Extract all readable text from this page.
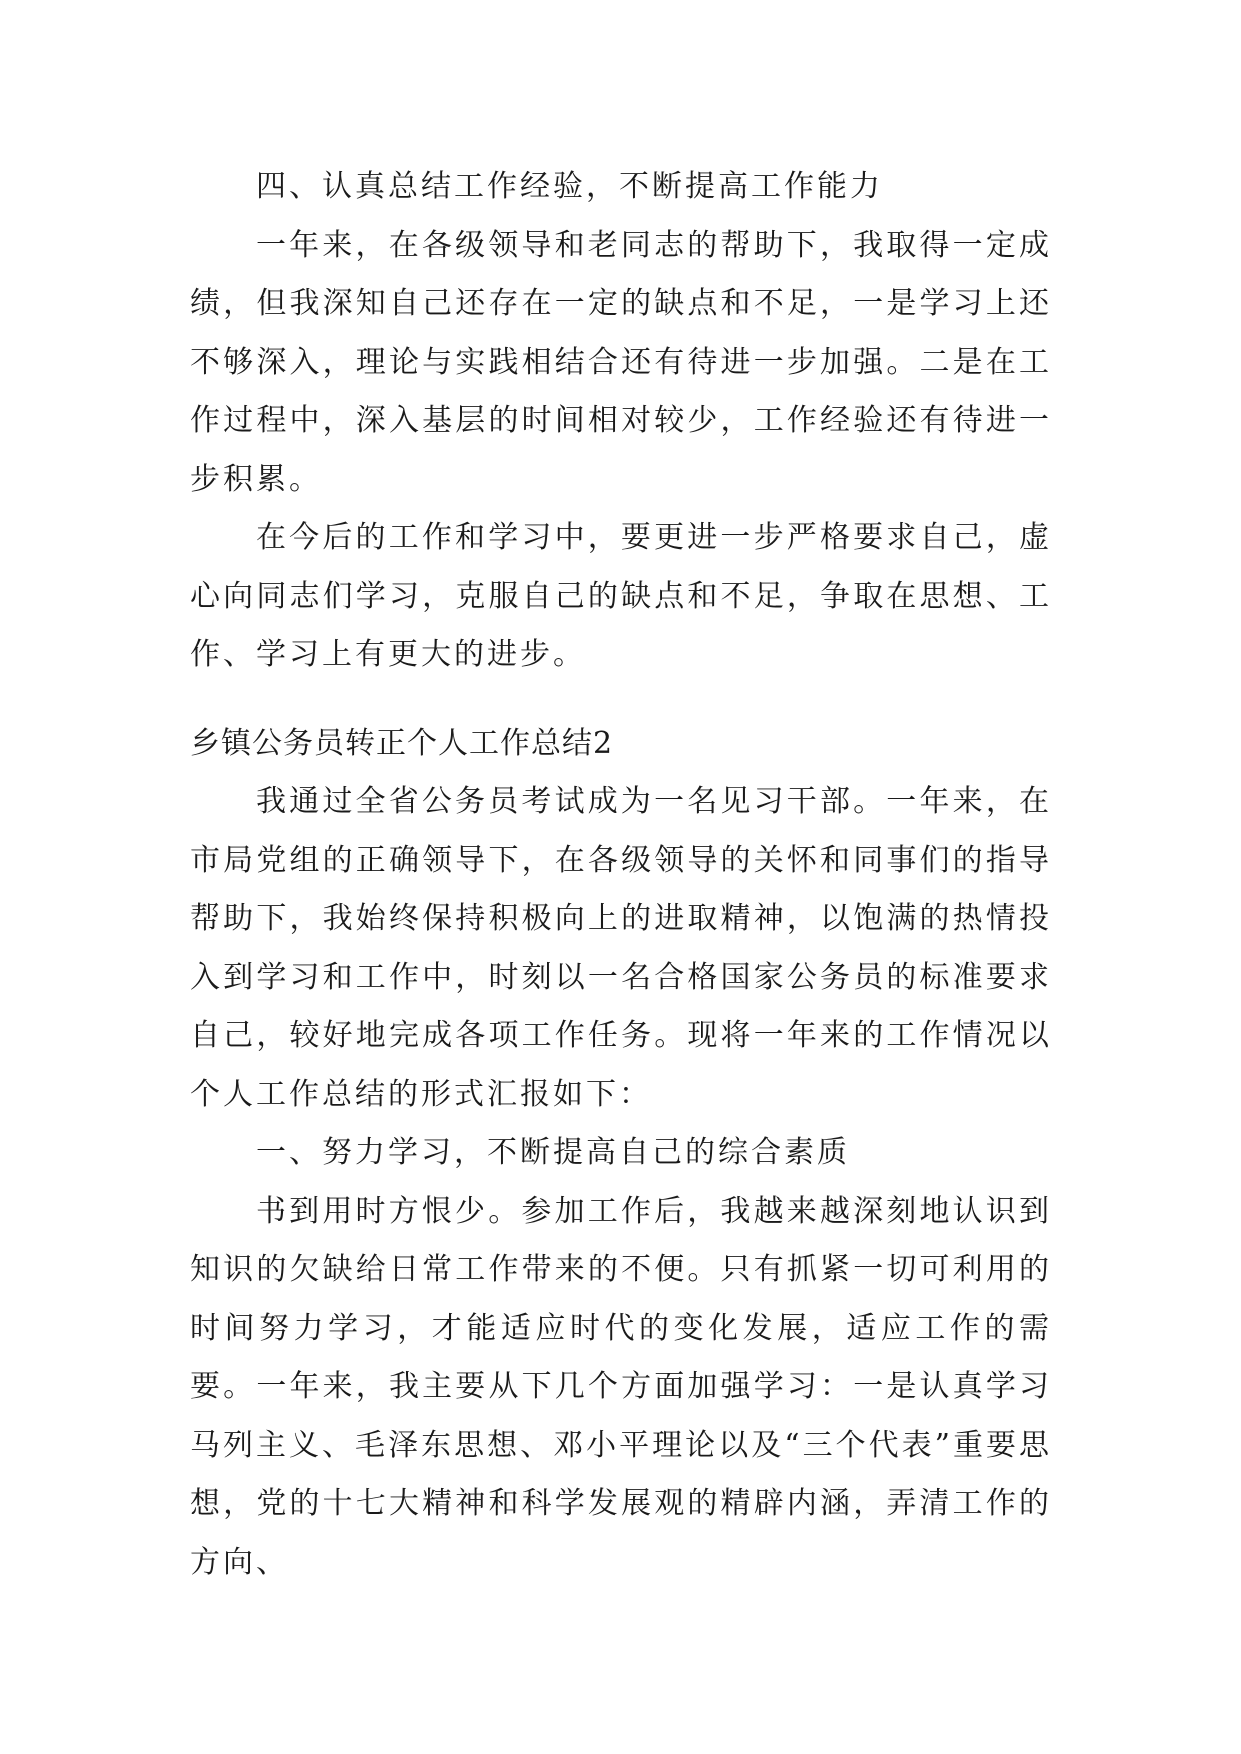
四、认真总结工作经验，不断提高工作能力

一年来，在各级领导和老同志的帮助下，我取得一定成绩，但我深知自己还存在一定的缺点和不足，一是学习上还不够深入，理论与实践相结合还有待进一步加强。二是在工作过程中，深入基层的时间相对较少，工作经验还有待进一步积累。

在今后的工作和学习中，要更进一步严格要求自己，虚心向同志们学习，克服自己的缺点和不足，争取在思想、工作、学习上有更大的进步。

乡镇公务员转正个人工作总结2

我通过全省公务员考试成为一名见习干部。一年来，在市局党组的正确领导下，在各级领导的关怀和同事们的指导帮助下，我始终保持积极向上的进取精神，以饱满的热情投入到学习和工作中，时刻以一名合格国家公务员的标准要求自己，较好地完成各项工作任务。现将一年来的工作情况以个人工作总结的形式汇报如下：

一、努力学习，不断提高自己的综合素质

书到用时方恨少。参加工作后，我越来越深刻地认识到知识的欠缺给日常工作带来的不便。只有抓紧一切可利用的时间努力学习，才能适应时代的变化发展，适应工作的需要。一年来，我主要从下几个方面加强学习：一是认真学习马列主义、毛泽东思想、邓小平理论以及“三个代表”重要思想，党的十七大精神和科学发展观的精辟内涵，弄清工作的方向、
